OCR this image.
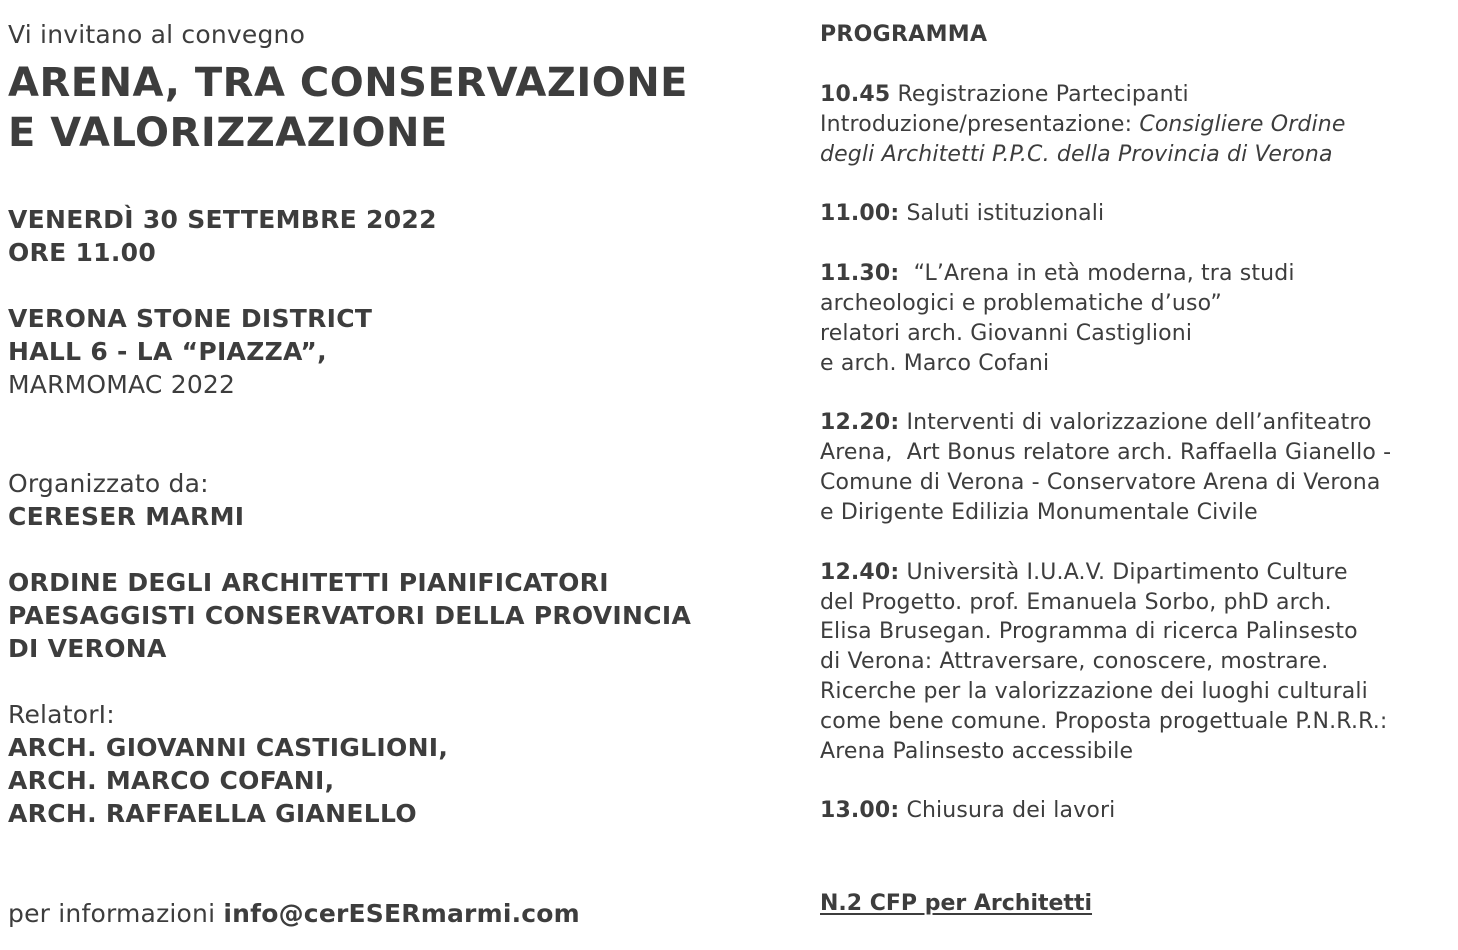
Vi invitano al convegno
ARENA, TRA CONSERVAZIONE
E VALORIZZAZIONE
VENERDÌ 30 SETTEMBRE 2022
ORE 11.00
VERONA STONE DISTRICT
HALL 6 - LA “PIAZZA”,
MARMOMAC 2022
Organizzato da:
CERESER MARMI
ORDINE DEGLI ARCHITETTI PIANIFICATORI
PAESAGGISTI CONSERVATORI DELLA PROVINCIA
DI VERONA
RelatorI:
ARCH. GIOVANNI CASTIGLIONI,
ARCH. MARCO COFANI,
ARCH. RAFFAELLA GIANELLO
per informazioni info@cerESERmarmi.com
PROGRAMMA
10.45 Registrazione Partecipanti
Introduzione/presentazione: Consigliere Ordine
degli Architetti P.P.C. della Provincia di Verona
11.00: Saluti istituzionali
11.30:  “L’Arena in età moderna, tra studi
archeologici e problematiche d’uso”
relatori arch. Giovanni Castiglioni
e arch. Marco Cofani
12.20: Interventi di valorizzazione dell’anfiteatro
Arena,  Art Bonus relatore arch. Raffaella Gianello -
Comune di Verona - Conservatore Arena di Verona
e Dirigente Edilizia Monumentale Civile
12.40: Università I.U.A.V. Dipartimento Culture
del Progetto. prof. Emanuela Sorbo, phD arch.
Elisa Brusegan. Programma di ricerca Palinsesto
di Verona: Attraversare, conoscere, mostrare.
Ricerche per la valorizzazione dei luoghi culturali
come bene comune. Proposta progettuale P.N.R.R.:
Arena Palinsesto accessibile
13.00: Chiusura dei lavori
N.2 CFP per Architetti
